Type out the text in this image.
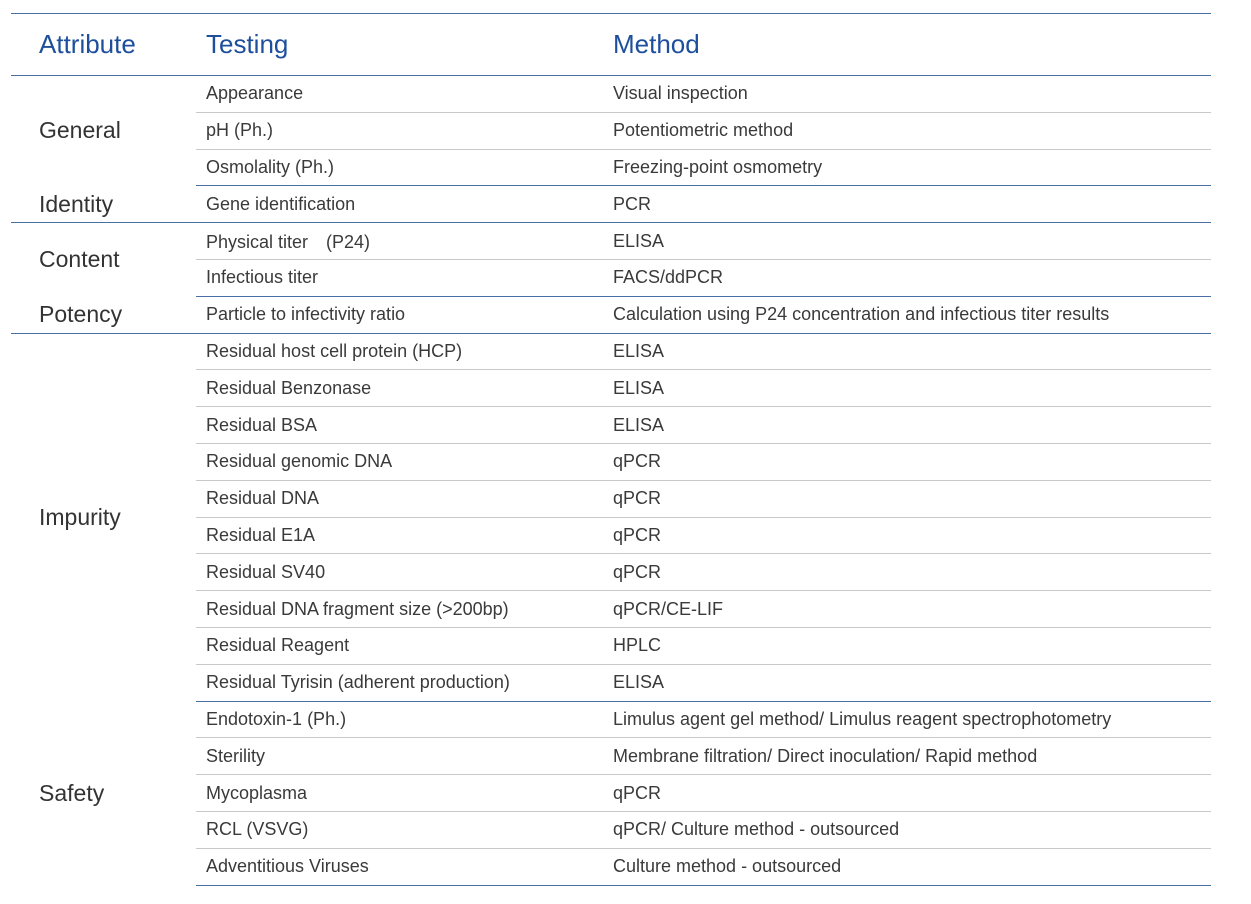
Attribute	Testing	Method
General	Appearance	Visual inspection
	pH (Ph.)	Potentiometric method
	Osmolality (Ph.)	Freezing-point osmometry
Identity	Gene identification	PCR
Content	Physical titer　(P24)	ELISA
	Infectious titer	FACS/ddPCR
Potency	Particle to infectivity ratio	Calculation using P24 concentration and infectious titer results
Impurity	Residual host cell protein (HCP)	ELISA
	Residual Benzonase	ELISA
	Residual BSA	ELISA
	Residual genomic DNA	qPCR
	Residual DNA	qPCR
	Residual E1A	qPCR
	Residual SV40	qPCR
	Residual DNA fragment size (>200bp)	qPCR/CE-LIF
	Residual Reagent	HPLC
	Residual Tyrisin (adherent production)	ELISA
Safety	Endotoxin-1 (Ph.)	Limulus agent gel method/ Limulus reagent spectrophotometry
	Sterility	Membrane filtration/ Direct inoculation/ Rapid method
	Mycoplasma	qPCR
	RCL (VSVG)	qPCR/ Culture method - outsourced
	Adventitious Viruses	Culture method - outsourced
